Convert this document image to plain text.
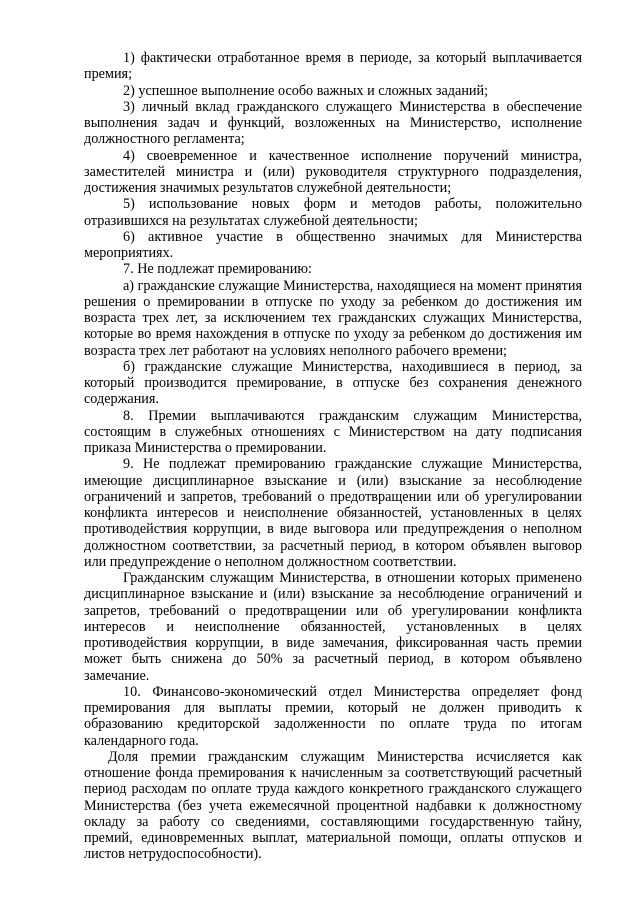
1) фактически отработанное время в периоде, за который выплачивается премия;

2) успешное выполнение особо важных и сложных заданий;

3) личный вклад гражданского служащего Министерства в обеспечение выполнения задач и функций, возложенных на Министерство, исполнение должностного регламента;

4) своевременное и качественное исполнение поручений министра, заместителей министра и (или) руководителя структурного подразделения, достижения значимых результатов служебной деятельности;

5) использование новых форм и методов работы, положительно отразившихся на результатах служебной деятельности;

6) активное участие в общественно значимых для Министерства мероприятиях.

7. Не подлежат премированию:

а) гражданские служащие Министерства, находящиеся на момент принятия решения о премировании в отпуске по уходу за ребенком до достижения им возраста трех лет, за исключением тех гражданских служащих Министерства, которые во время нахождения в отпуске по уходу за ребенком до достижения им возраста трех лет работают на условиях неполного рабочего времени;

б) гражданские служащие Министерства, находившиеся в период, за который производится премирование, в отпуске без сохранения денежного содержания.

8. Премии выплачиваются гражданским служащим Министерства, состоящим в служебных отношениях с Министерством на дату подписания приказа Министерства о премировании.

9. Не подлежат премированию гражданские служащие Министерства, имеющие дисциплинарное взыскание и (или) взыскание за несоблюдение ограничений и запретов, требований о предотвращении или об урегулировании конфликта интересов и неисполнение обязанностей, установленных в целях противодействия коррупции, в виде выговора или предупреждения о неполном должностном соответствии, за расчетный период, в котором объявлен выговор или предупреждение о неполном должностном соответствии.

Гражданским служащим Министерства, в отношении которых применено дисциплинарное взыскание и (или) взыскание за несоблюдение ограничений и запретов, требований о предотвращении или об урегулировании конфликта интересов и неисполнение обязанностей, установленных в целях противодействия коррупции, в виде замечания, фиксированная часть премии может быть снижена до 50% за расчетный период, в котором объявлено замечание.

10. Финансово-экономический отдел Министерства определяет фонд премирования для выплаты премии, который не должен приводить к образованию кредиторской задолженности по оплате труда по итогам календарного года.

Доля премии гражданским служащим Министерства исчисляется как отношение фонда премирования к начисленным за соответствующий расчетный период расходам по оплате труда каждого конкретного гражданского служащего Министерства (без учета ежемесячной процентной надбавки к должностному окладу за работу со сведениями, составляющими государственную тайну, премий, единовременных выплат, материальной помощи, оплаты отпусков и листов нетрудоспособности).
